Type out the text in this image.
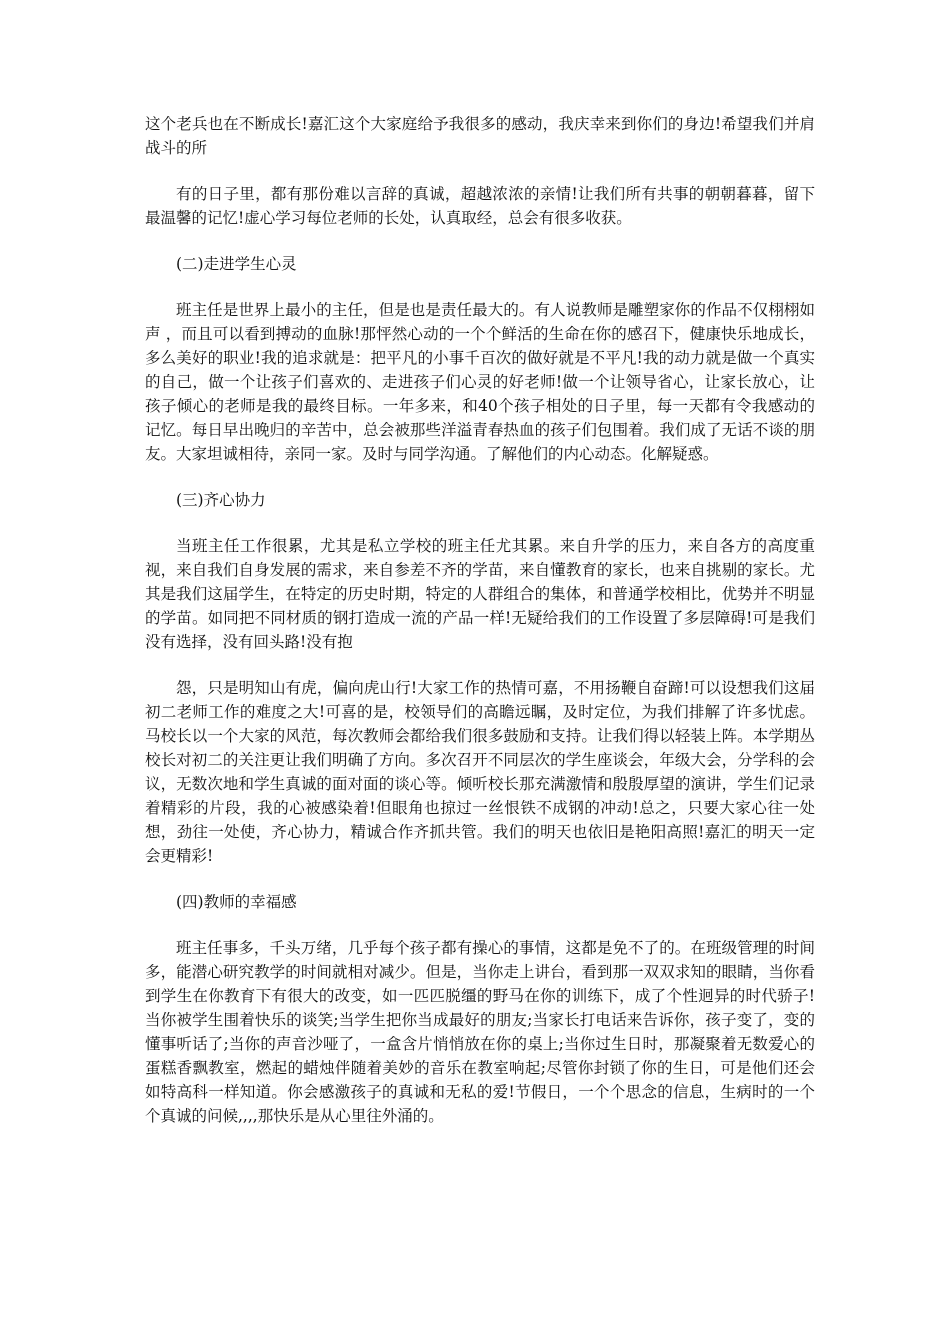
这个老兵也在不断成长!嘉汇这个大家庭给予我很多的感动，我庆幸来到你们的身边!希望我们并肩战斗的所

有的日子里，都有那份难以言辞的真诚，超越浓浓的亲情!让我们所有共事的朝朝暮暮，留下最温馨的记忆!虚心学习每位老师的长处，认真取经，总会有很多收获。

(二)走进学生心灵

班主任是世界上最小的主任，但是也是责任最大的。有人说教师是雕塑家你的作品不仅栩栩如声 ，而且可以看到搏动的血脉!那怦然心动的一个个鲜活的生命在你的感召下，健康快乐地成长，多么美好的职业!我的追求就是：把平凡的小事千百次的做好就是不平凡!我的动力就是做一个真实的自己，做一个让孩子们喜欢的、走进孩子们心灵的好老师!做一个让领导省心，让家长放心，让孩子倾心的老师是我的最终目标。一年多来，和40个孩子相处的日子里，每一天都有令我感动的记忆。每日早出晚归的辛苦中，总会被那些洋溢青春热血的孩子们包围着。我们成了无话不谈的朋友。大家坦诚相待，亲同一家。及时与同学沟通。了解他们的内心动态。化解疑惑。

(三)齐心协力

当班主任工作很累，尤其是私立学校的班主任尤其累。来自升学的压力，来自各方的高度重视，来自我们自身发展的需求，来自参差不齐的学苗，来自懂教育的家长，也来自挑剔的家长。尤其是我们这届学生，在特定的历史时期，特定的人群组合的集体，和普通学校相比，优势并不明显的学苗。如同把不同材质的钢打造成一流的产品一样!无疑给我们的工作设置了多层障碍!可是我们没有选择，没有回头路!没有抱

怨，只是明知山有虎，偏向虎山行!大家工作的热情可嘉，不用扬鞭自奋蹄!可以设想我们这届初二老师工作的难度之大!可喜的是，校领导们的高瞻远瞩，及时定位，为我们排解了许多忧虑。马校长以一个大家的风范，每次教师会都给我们很多鼓励和支持。让我们得以轻装上阵。本学期丛校长对初二的关注更让我们明确了方向。多次召开不同层次的学生座谈会，年级大会，分学科的会议，无数次地和学生真诚的面对面的谈心等。倾听校长那充满激情和殷殷厚望的演讲，学生们记录着精彩的片段，我的心被感染着!但眼角也掠过一丝恨铁不成钢的冲动!总之，只要大家心往一处想，劲往一处使，齐心协力，精诚合作齐抓共管。我们的明天也依旧是艳阳高照!嘉汇的明天一定会更精彩!

(四)教师的幸福感

班主任事多，千头万绪，几乎每个孩子都有操心的事情，这都是免不了的。在班级管理的时间多，能潜心研究教学的时间就相对减少。但是，当你走上讲台，看到那一双双求知的眼睛，当你看到学生在你教育下有很大的改变，如一匹匹脱缰的野马在你的训练下，成了个性迥异的时代骄子!当你被学生围着快乐的谈笑;当学生把你当成最好的朋友;当家长打电话来告诉你，孩子变了，变的懂事听话了;当你的声音沙哑了，一盒含片悄悄放在你的桌上;当你过生日时，那凝聚着无数爱心的蛋糕香飘教室，燃起的蜡烛伴随着美妙的音乐在教室响起;尽管你封锁了你的生日，可是他们还会如特高科一样知道。你会感激孩子的真诚和无私的爱!节假日，一个个思念的信息，生病时的一个个真诚的问候,,,,那快乐是从心里往外涌的。
